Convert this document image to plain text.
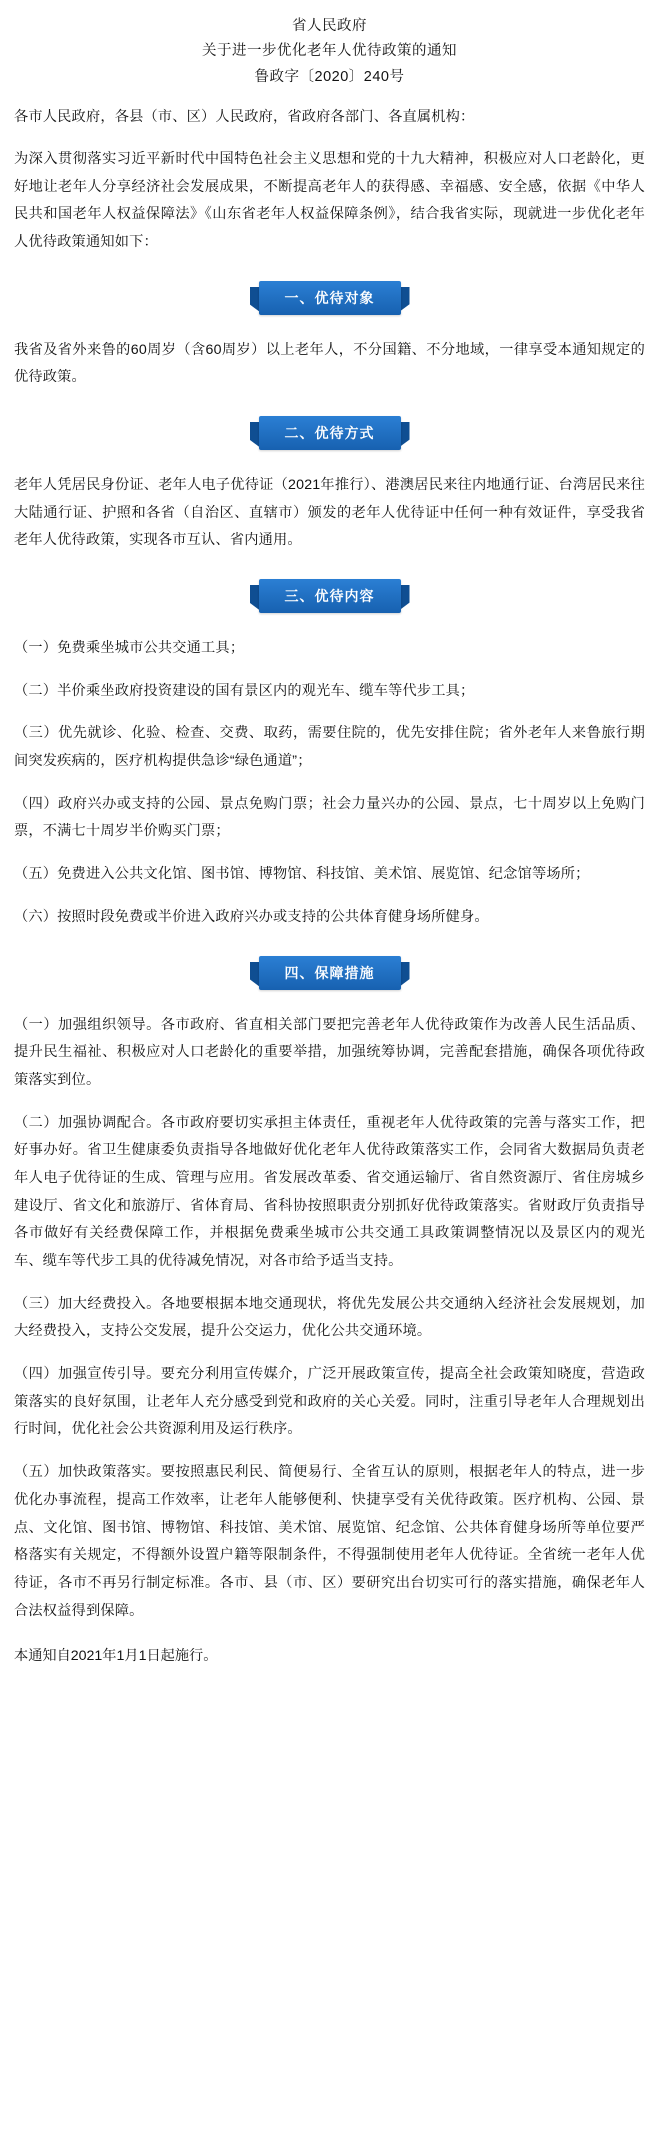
省人民政府
关于进一步优化老年人优待政策的通知
鲁政字〔2020〕240号

各市人民政府，各县（市、区）人民政府，省政府各部门、各直属机构：

为深入贯彻落实习近平新时代中国特色社会主义思想和党的十九大精神，积极应对人口老龄化，更好地让老年人分享经济社会发展成果，不断提高老年人的获得感、幸福感、安全感，依据《中华人民共和国老年人权益保障法》《山东省老年人权益保障条例》，结合我省实际，现就进一步优化老年人优待政策通知如下：

一、优待对象

我省及省外来鲁的60周岁（含60周岁）以上老年人，不分国籍、不分地域，一律享受本通知规定的优待政策。

二、优待方式

老年人凭居民身份证、老年人电子优待证（2021年推行）、港澳居民来往内地通行证、台湾居民来往大陆通行证、护照和各省（自治区、直辖市）颁发的老年人优待证中任何一种有效证件，享受我省老年人优待政策，实现各市互认、省内通用。

三、优待内容

（一）免费乘坐城市公共交通工具；

（二）半价乘坐政府投资建设的国有景区内的观光车、缆车等代步工具；

（三）优先就诊、化验、检查、交费、取药，需要住院的，优先安排住院；省外老年人来鲁旅行期间突发疾病的，医疗机构提供急诊“绿色通道”；

（四）政府兴办或支持的公园、景点免购门票；社会力量兴办的公园、景点，七十周岁以上免购门票，不满七十周岁半价购买门票；

（五）免费进入公共文化馆、图书馆、博物馆、科技馆、美术馆、展览馆、纪念馆等场所；

（六）按照时段免费或半价进入政府兴办或支持的公共体育健身场所健身。

四、保障措施

（一）加强组织领导。各市政府、省直相关部门要把完善老年人优待政策作为改善人民生活品质、提升民生福祉、积极应对人口老龄化的重要举措，加强统筹协调，完善配套措施，确保各项优待政策落实到位。

（二）加强协调配合。各市政府要切实承担主体责任，重视老年人优待政策的完善与落实工作，把好事办好。省卫生健康委负责指导各地做好优化老年人优待政策落实工作，会同省大数据局负责老年人电子优待证的生成、管理与应用。省发展改革委、省交通运输厅、省自然资源厅、省住房城乡建设厅、省文化和旅游厅、省体育局、省科协按照职责分别抓好优待政策落实。省财政厅负责指导各市做好有关经费保障工作，并根据免费乘坐城市公共交通工具政策调整情况以及景区内的观光车、缆车等代步工具的优待减免情况，对各市给予适当支持。

（三）加大经费投入。各地要根据本地交通现状，将优先发展公共交通纳入经济社会发展规划，加大经费投入，支持公交发展，提升公交运力，优化公共交通环境。

（四）加强宣传引导。要充分利用宣传媒介，广泛开展政策宣传，提高全社会政策知晓度，营造政策落实的良好氛围，让老年人充分感受到党和政府的关心关爱。同时，注重引导老年人合理规划出行时间，优化社会公共资源利用及运行秩序。

（五）加快政策落实。要按照惠民利民、简便易行、全省互认的原则，根据老年人的特点，进一步优化办事流程，提高工作效率，让老年人能够便利、快捷享受有关优待政策。医疗机构、公园、景点、文化馆、图书馆、博物馆、科技馆、美术馆、展览馆、纪念馆、公共体育健身场所等单位要严格落实有关规定，不得额外设置户籍等限制条件，不得强制使用老年人优待证。全省统一老年人优待证，各市不再另行制定标准。各市、县（市、区）要研究出台切实可行的落实措施，确保老年人合法权益得到保障。

本通知自2021年1月1日起施行。
